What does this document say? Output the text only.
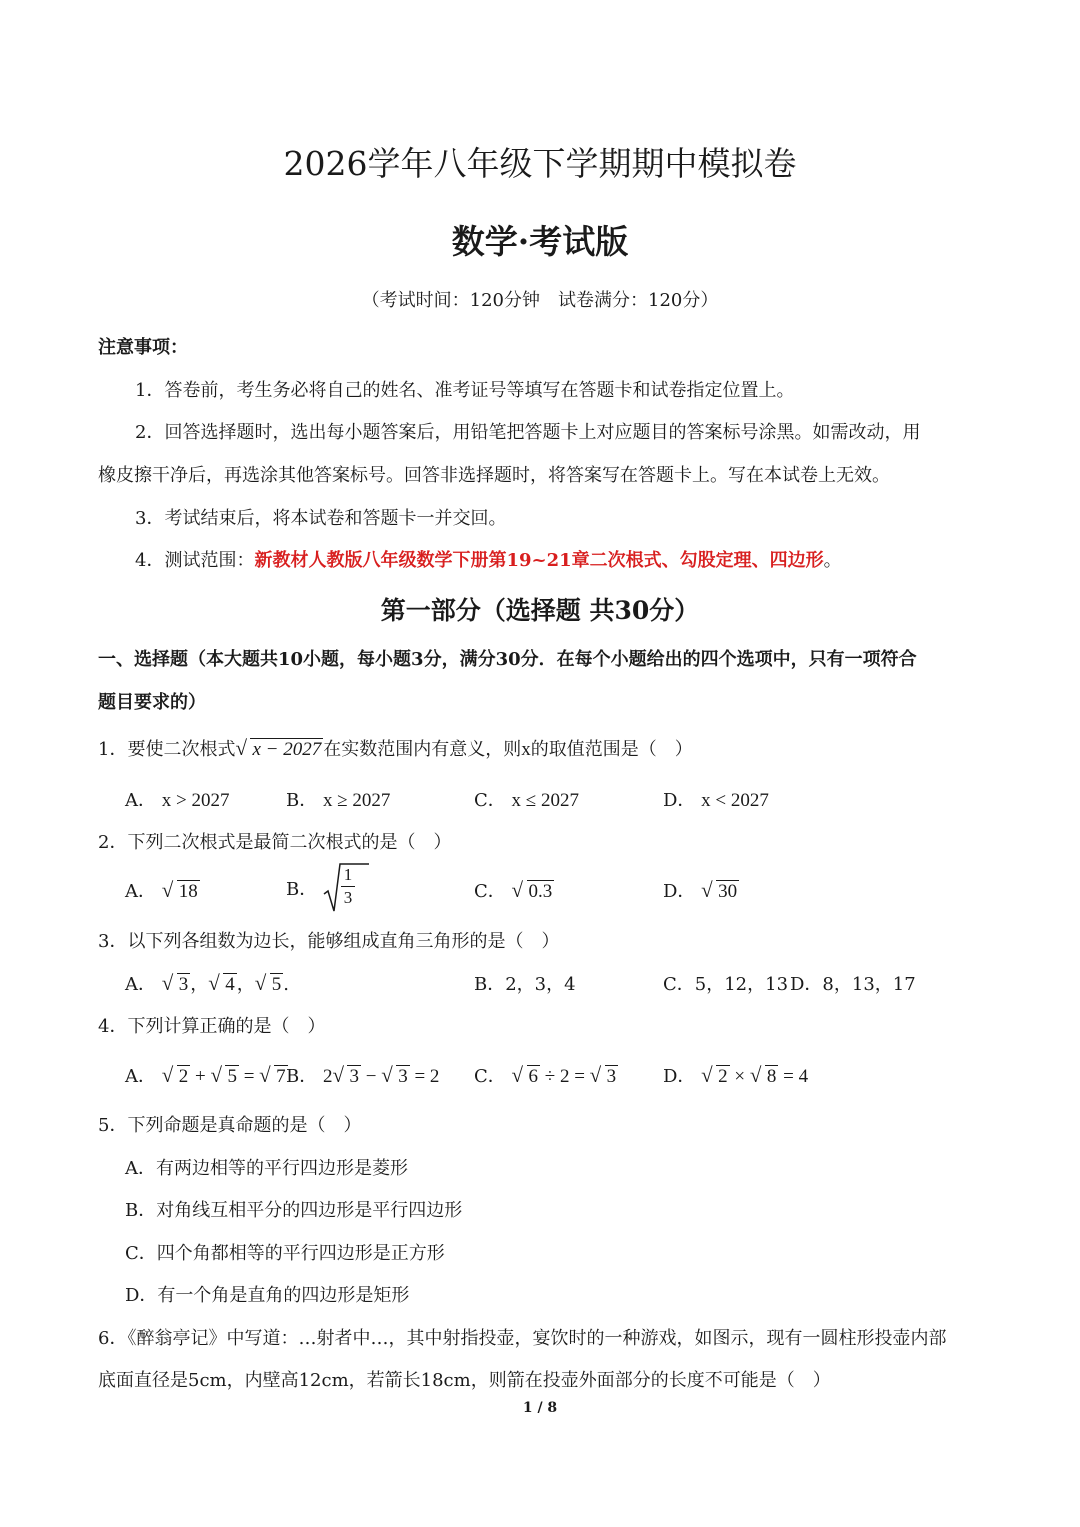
2026学年八年级下学期期中模拟卷
数学·考试版
（考试时间：120分钟　试卷满分：120分）
注意事项：
1．答卷前，考生务必将自己的姓名、准考证号等填写在答题卡和试卷指定位置上。
2．回答选择题时，选出每小题答案后，用铅笔把答题卡上对应题目的答案标号涂黑。如需改动，用
橡皮擦干净后，再选涂其他答案标号。回答非选择题时，将答案写在答题卡上。写在本试卷上无效。
3．考试结束后，将本试卷和答题卡一并交回。
4．测试范围：新教材人教版八年级数学下册第19~21章二次根式、勾股定理、四边形。
第一部分（选择题 共30分）
一、选择题（本大题共10小题，每小题3分，满分30分．在每个小题给出的四个选项中，只有一项符合
题目要求的）
1．要使二次根式 √ x − 2027 在实数范围内有意义，则x的取值范围是（　）
A． x > 2027	B． x ≥ 2027	C． x ≤ 2027	D． x < 2027
2．下列二次根式是最简二次根式的是（　）
A． √ 18	B． $\frac{1}{3}$	C． √ 0.3	D． √ 30
3．以下列各组数为边长，能够组成直角三角形的是（　）
A． √ 3 ， √ 4 ， √ 5 .	B．2，3，4	C．5，12，13 D．8，13，17
4．下列计算正确的是（　）
A． √ 2 + √ 5 = √ 7 B． 2 √ 3 − √ 3 = 2 C． √ 6 ÷ 2 = √ 3	D． √ 2 × √ 8 = 4
5．下列命题是真命题的是（　）
A．有两边相等的平行四边形是菱形
B．对角线互相平分的四边形是平行四边形
C．四个角都相等的平行四边形是正方形
D．有一个角是直角的四边形是矩形
6．《醉翁亭记》中写道：…射者中…，其中射指投壶，宴饮时的一种游戏，如图示，现有一圆柱形投壶内部
底面直径是5cm，内壁高12cm，若箭长18cm，则箭在投壶外面部分的长度不可能是（　）
1 / 8
